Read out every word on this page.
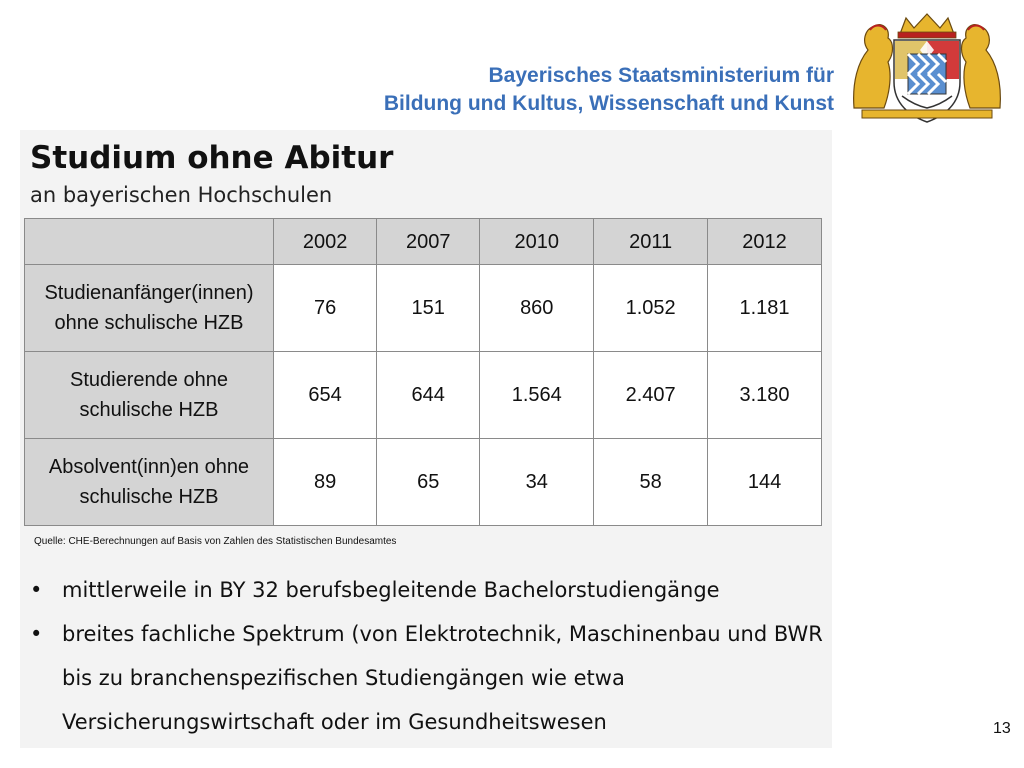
Bayerisches Staatsministerium für
Bildung und Kultus, Wissenschaft und Kunst
Studium ohne Abitur
an bayerischen Hochschulen
	2002	2007	2010	2011	2012

Studienanfänger(innen)
ohne schulische HZB	76	151	860	1.052	1.181

Studierende ohne
schulische HZB	654	644	1.564	2.407	3.180

Absolvent(inn)en ohne
schulische HZB	89	65	34	58	144
Quelle: CHE-Berechnungen auf Basis von Zahlen des Statistischen Bundesamtes
• mittlerweile in BY 32 berufsbegleitende Bachelorstudiengänge
• breites fachliche Spektrum (von Elektrotechnik, Maschinenbau und BWR bis zu branchenspezifischen Studiengängen wie etwa Versicherungswirtschaft oder im Gesundheitswesen	13
